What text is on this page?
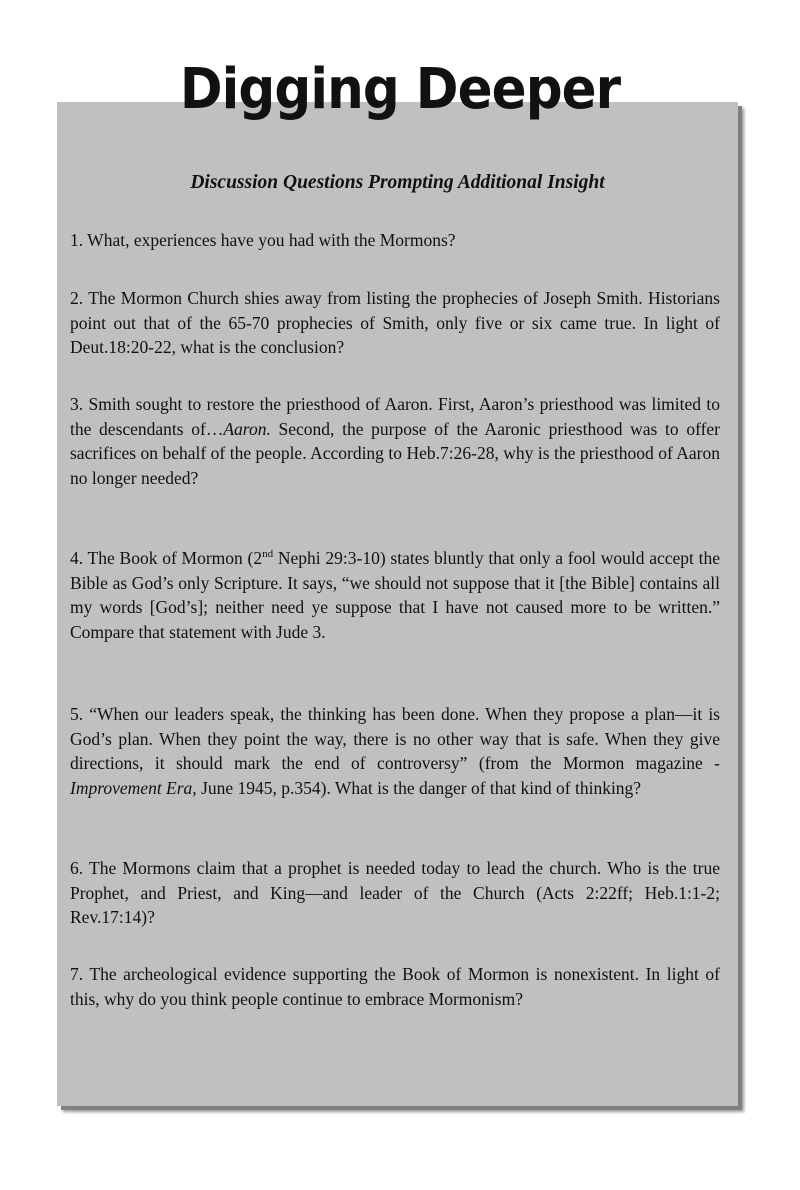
Digging Deeper
Discussion Questions Prompting Additional Insight

1. What, experiences have you had with the Mormons?

2. The Mormon Church shies away from listing the prophecies of Joseph Smith. Historians point out that of the 65-70 prophecies of Smith, only five or six came true. In light of Deut.18:20-22, what is the conclusion?

3. Smith sought to restore the priesthood of Aaron. First, Aaron’s priesthood was limited to the descendants of…Aaron. Second, the purpose of the Aaronic priesthood was to offer sacrifices on behalf of the people. According to Heb.7:26-28, why is the priesthood of Aaron no longer needed?

4. The Book of Mormon (2nd Nephi 29:3-10) states bluntly that only a fool would accept the Bible as God’s only Scripture. It says, “we should not suppose that it [the Bible] contains all my words [God’s]; neither need ye suppose that I have not caused more to be written.” Compare that statement with Jude 3.

5. “When our leaders speak, the thinking has been done. When they propose a plan—it is God’s plan. When they point the way, there is no other way that is safe. When they give directions, it should mark the end of controversy” (from the Mormon magazine -Improvement Era, June 1945, p.354). What is the danger of that kind of thinking?

6. The Mormons claim that a prophet is needed today to lead the church. Who is the true Prophet, and Priest, and King—and leader of the Church (Acts 2:22ff; Heb.1:1-2; Rev.17:14)?

7. The archeological evidence supporting the Book of Mormon is nonexistent. In light of this, why do you think people continue to embrace Mormonism?
